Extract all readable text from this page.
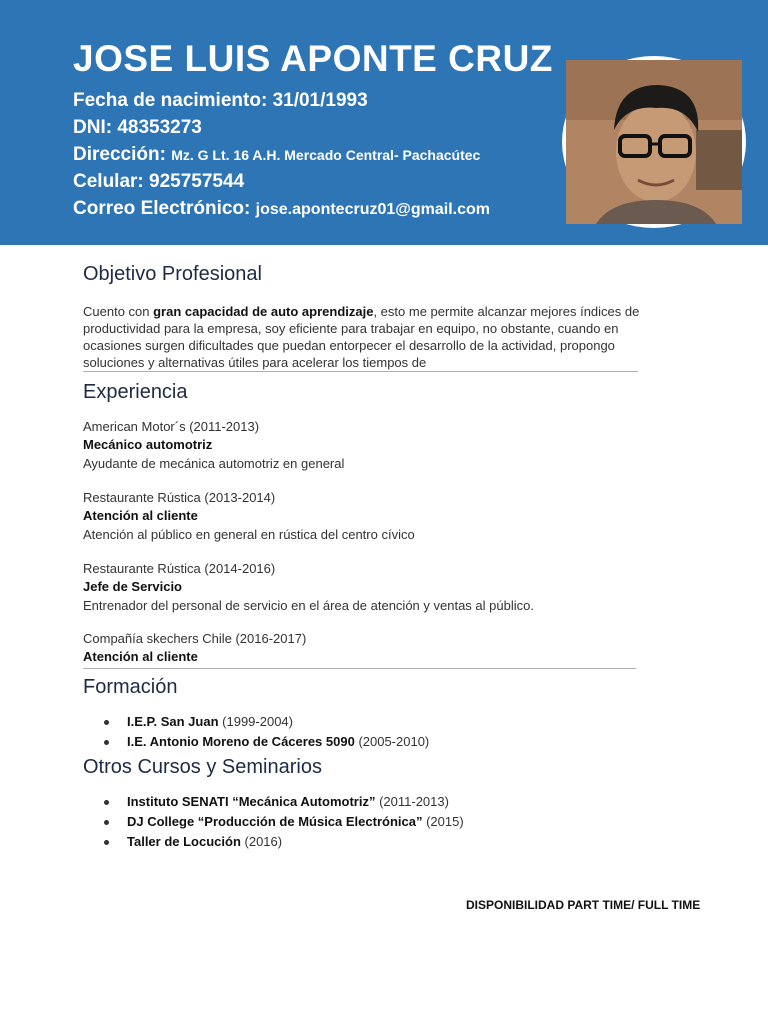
JOSE LUIS APONTE CRUZ
Fecha de nacimiento: 31/01/1993
DNI: 48353273
Dirección: Mz. G Lt. 16 A.H. Mercado Central- Pachacútec
Celular: 925757544
Correo Electrónico: jose.apontecruz01@gmail.com
Objetivo Profesional
Cuento con gran capacidad de auto aprendizaje, esto me permite alcanzar mejores índices de productividad para la empresa, soy eficiente para trabajar en equipo, no obstante, cuando en ocasiones surgen dificultades que puedan entorpecer el desarrollo de la actividad, propongo soluciones y alternativas útiles para acelerar los tiempos de
Experiencia
American Motor´s (2011-2013)
Mecánico automotriz
Ayudante de mecánica automotriz en general
Restaurante Rústica (2013-2014)
Atención al cliente
Atención al público en general en rústica del centro cívico
Restaurante Rústica (2014-2016)
Jefe de Servicio
Entrenador del personal de servicio en el área de atención y ventas al público.
Compañía skechers Chile (2016-2017)
Atención al cliente
Formación
I.E.P. San Juan (1999-2004)
I.E. Antonio Moreno de Cáceres 5090 (2005-2010)
Otros Cursos y Seminarios
Instituto SENATI “Mecánica Automotriz” (2011-2013)
DJ College “Producción de Música Electrónica” (2015)
Taller de Locución (2016)
DISPONIBILIDAD PART TIME/ FULL TIME
